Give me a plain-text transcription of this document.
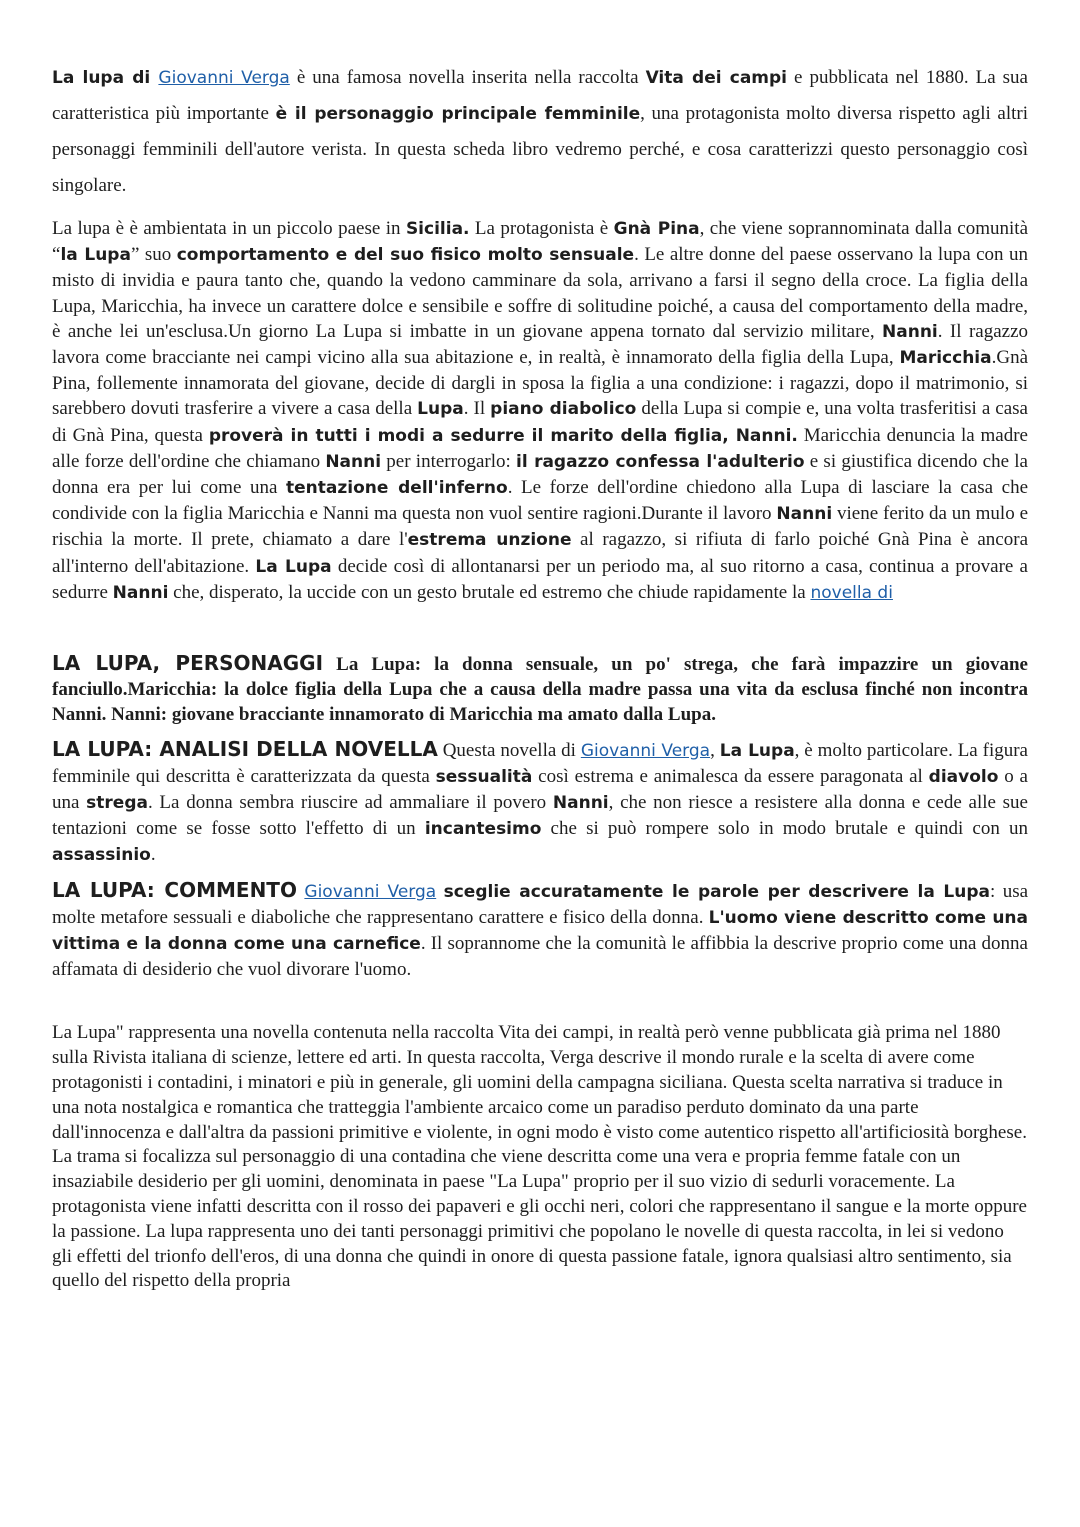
La lupa di Giovanni Verga è una famosa novella inserita nella raccolta Vita dei campi e pubblicata nel 1880. La sua caratteristica più importante è il personaggio principale femminile, una protagonista molto diversa rispetto agli altri personaggi femminili dell'autore verista. In questa scheda libro vedremo perché, e cosa caratterizzi questo personaggio così singolare.

La lupa è è ambientata in un piccolo paese in Sicilia. La protagonista è Gnà Pina, che viene soprannominata dalla comunità “la Lupa” suo comportamento e del suo fisico molto sensuale. Le altre donne del paese osservano la lupa con un misto di invidia e paura tanto che, quando la vedono camminare da sola, arrivano a farsi il segno della croce. La figlia della Lupa, Maricchia, ha invece un carattere dolce e sensibile e soffre di solitudine poiché, a causa del comportamento della madre, è anche lei un'esclusa.Un giorno La Lupa si imbatte in un giovane appena tornato dal servizio militare, Nanni. Il ragazzo lavora come bracciante nei campi vicino alla sua abitazione e, in realtà, è innamorato della figlia della Lupa, Maricchia.Gnà Pina, follemente innamorata del giovane, decide di dargli in sposa la figlia a una condizione: i ragazzi, dopo il matrimonio, si sarebbero dovuti trasferire a vivere a casa della Lupa. Il piano diabolico della Lupa si compie e, una volta trasferitisi a casa di Gnà Pina, questa proverà in tutti i modi a sedurre il marito della figlia, Nanni. Maricchia denuncia la madre alle forze dell'ordine che chiamano Nanni per interrogarlo: il ragazzo confessa l'adulterio e si giustifica dicendo che la donna era per lui come una tentazione dell'inferno. Le forze dell'ordine chiedono alla Lupa di lasciare la casa che condivide con la figlia Maricchia e Nanni ma questa non vuol sentire ragioni.Durante il lavoro Nanni viene ferito da un mulo e rischia la morte. Il prete, chiamato a dare l'estrema unzione al ragazzo, si rifiuta di farlo poiché Gnà Pina è ancora all'interno dell'abitazione. La Lupa decide così di allontanarsi per un periodo ma, al suo ritorno a casa, continua a provare a sedurre Nanni che, disperato, la uccide con un gesto brutale ed estremo che chiude rapidamente la novella di

LA LUPA, PERSONAGGI La Lupa: la donna sensuale, un po' strega, che farà impazzire un giovane fanciullo.Maricchia: la dolce figlia della Lupa che a causa della madre passa una vita da esclusa finché non incontra Nanni. Nanni: giovane bracciante innamorato di Maricchia ma amato dalla Lupa.

LA LUPA: ANALISI DELLA NOVELLA Questa novella di Giovanni Verga, La Lupa, è molto particolare. La figura femminile qui descritta è caratterizzata da questa sessualità così estrema e animalesca da essere paragonata al diavolo o a una strega. La donna sembra riuscire ad ammaliare il povero Nanni, che non riesce a resistere alla donna e cede alle sue tentazioni come se fosse sotto l'effetto di un incantesimo che si può rompere solo in modo brutale e quindi con un assassinio.

LA LUPA: COMMENTO Giovanni Verga sceglie accuratamente le parole per descrivere la Lupa: usa molte metafore sessuali e diaboliche che rappresentano carattere e fisico della donna. L'uomo viene descritto come una vittima e la donna come una carnefice. Il soprannome che la comunità le affibbia la descrive proprio come una donna affamata di desiderio che vuol divorare l'uomo.

La Lupa" rappresenta una novella contenuta nella raccolta Vita dei campi, in realtà però venne pubblicata già prima nel 1880 sulla Rivista italiana di scienze, lettere ed arti. In questa raccolta, Verga descrive il mondo rurale e la scelta di avere come protagonisti i contadini, i minatori e più in generale, gli uomini della campagna siciliana. Questa scelta narrativa si traduce in una nota nostalgica e romantica che tratteggia l'ambiente arcaico come un paradiso perduto dominato da una parte dall'innocenza e dall'altra da passioni primitive e violente, in ogni modo è visto come autentico rispetto all'artificiosità borghese. La trama si focalizza sul personaggio di una contadina che viene descritta come una vera e propria femme fatale con un insaziabile desiderio per gli uomini, denominata in paese "La Lupa" proprio per il suo vizio di sedurli voracemente. La protagonista viene infatti descritta con il rosso dei papaveri e gli occhi neri, colori che rappresentano il sangue e la morte oppure la passione. La lupa rappresenta uno dei tanti personaggi primitivi che popolano le novelle di questa raccolta, in lei si vedono gli effetti del trionfo dell'eros, di una donna che quindi in onore di questa passione fatale, ignora qualsiasi altro sentimento, sia quello del rispetto della propria
